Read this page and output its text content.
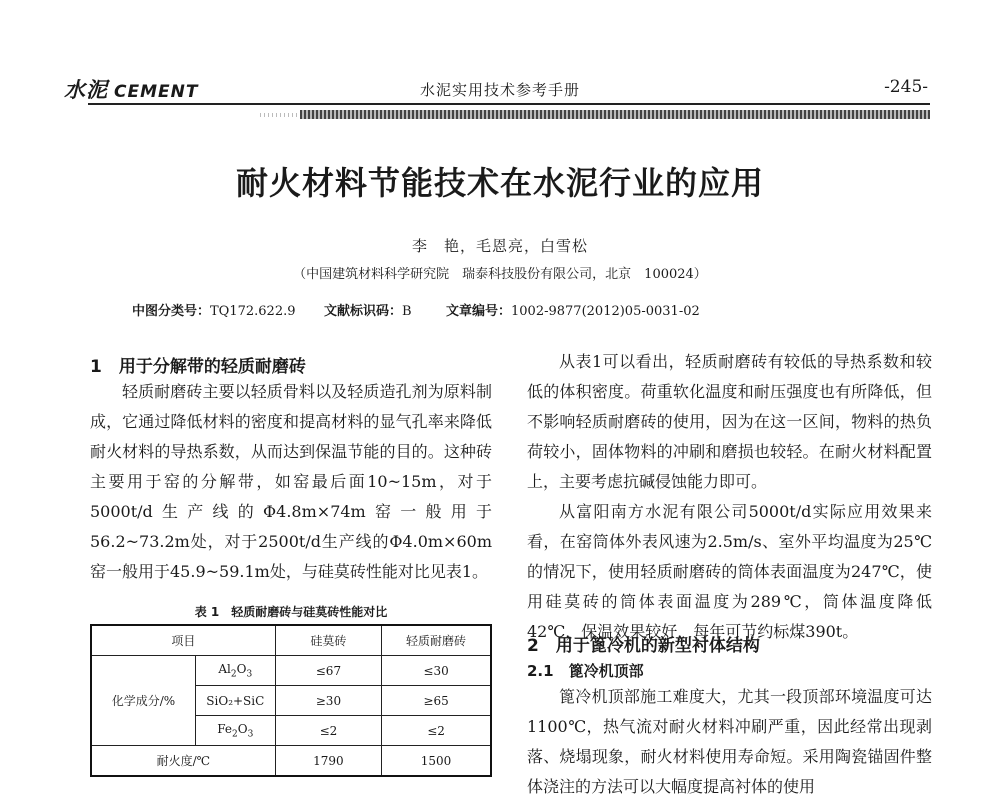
水泥 CEMENT	水泥实用技术参考手册	-245-
耐火材料节能技术在水泥行业的应用
李　艳，毛恩亮，白雪松
（中国建筑材料科学研究院　瑞泰科技股份有限公司，北京　100024）
中图分类号：TQ172.622.9 文献标识码：B	文章编号：1002-9877(2012)05-0031-02
1　用于分解带的轻质耐磨砖
轻质耐磨砖主要以轻质骨料以及轻质造孔剂为原料制成，它通过降低材料的密度和提高材料的显气孔率来降低耐火材料的导热系数，从而达到保温节能的目的。这种砖主要用于窑的分解带，如窑最后面10~15m，对于5000t/d生产线的Φ4.8m×74m窑一般用于56.2~73.2m处，对于2500t/d生产线的Φ4.0m×60m窑一般用于45.9~59.1m处，与硅莫砖性能对比见表1。
表 1　轻质耐磨砖与硅莫砖性能对比
项目		硅莫砖	轻质耐磨砖
化学成分/%	$Al_2O_3$	≤67	≤30
	SiO₂+SiC	≥30	≥65
	$Fe_2O_3$	≤2	≤2
耐火度/℃		1790	1500
从表1可以看出，轻质耐磨砖有较低的导热系数和较低的体积密度。荷重软化温度和耐压强度也有所降低，但不影响轻质耐磨砖的使用，因为在这一区间，物料的热负荷较小，固体物料的冲刷和磨损也较轻。在耐火材料配置上，主要考虑抗碱侵蚀能力即可。
从富阳南方水泥有限公司5000t/d实际应用效果来看，在窑筒体外表风速为2.5m/s、室外平均温度为25℃的情况下，使用轻质耐磨砖的筒体表面温度为247℃，使用硅莫砖的筒体表面温度为289℃，筒体温度降低42℃，保温效果较好，每年可节约标煤390t。
2　用于篦冷机的新型衬体结构
2.1　篦冷机顶部
篦冷机顶部施工难度大，尤其一段顶部环境温度可达1100℃，热气流对耐火材料冲刷严重，因此经常出现剥落、烧塌现象，耐火材料使用寿命短。采用陶瓷锚固件整体浇注的方法可以大幅度提高衬体的使用
